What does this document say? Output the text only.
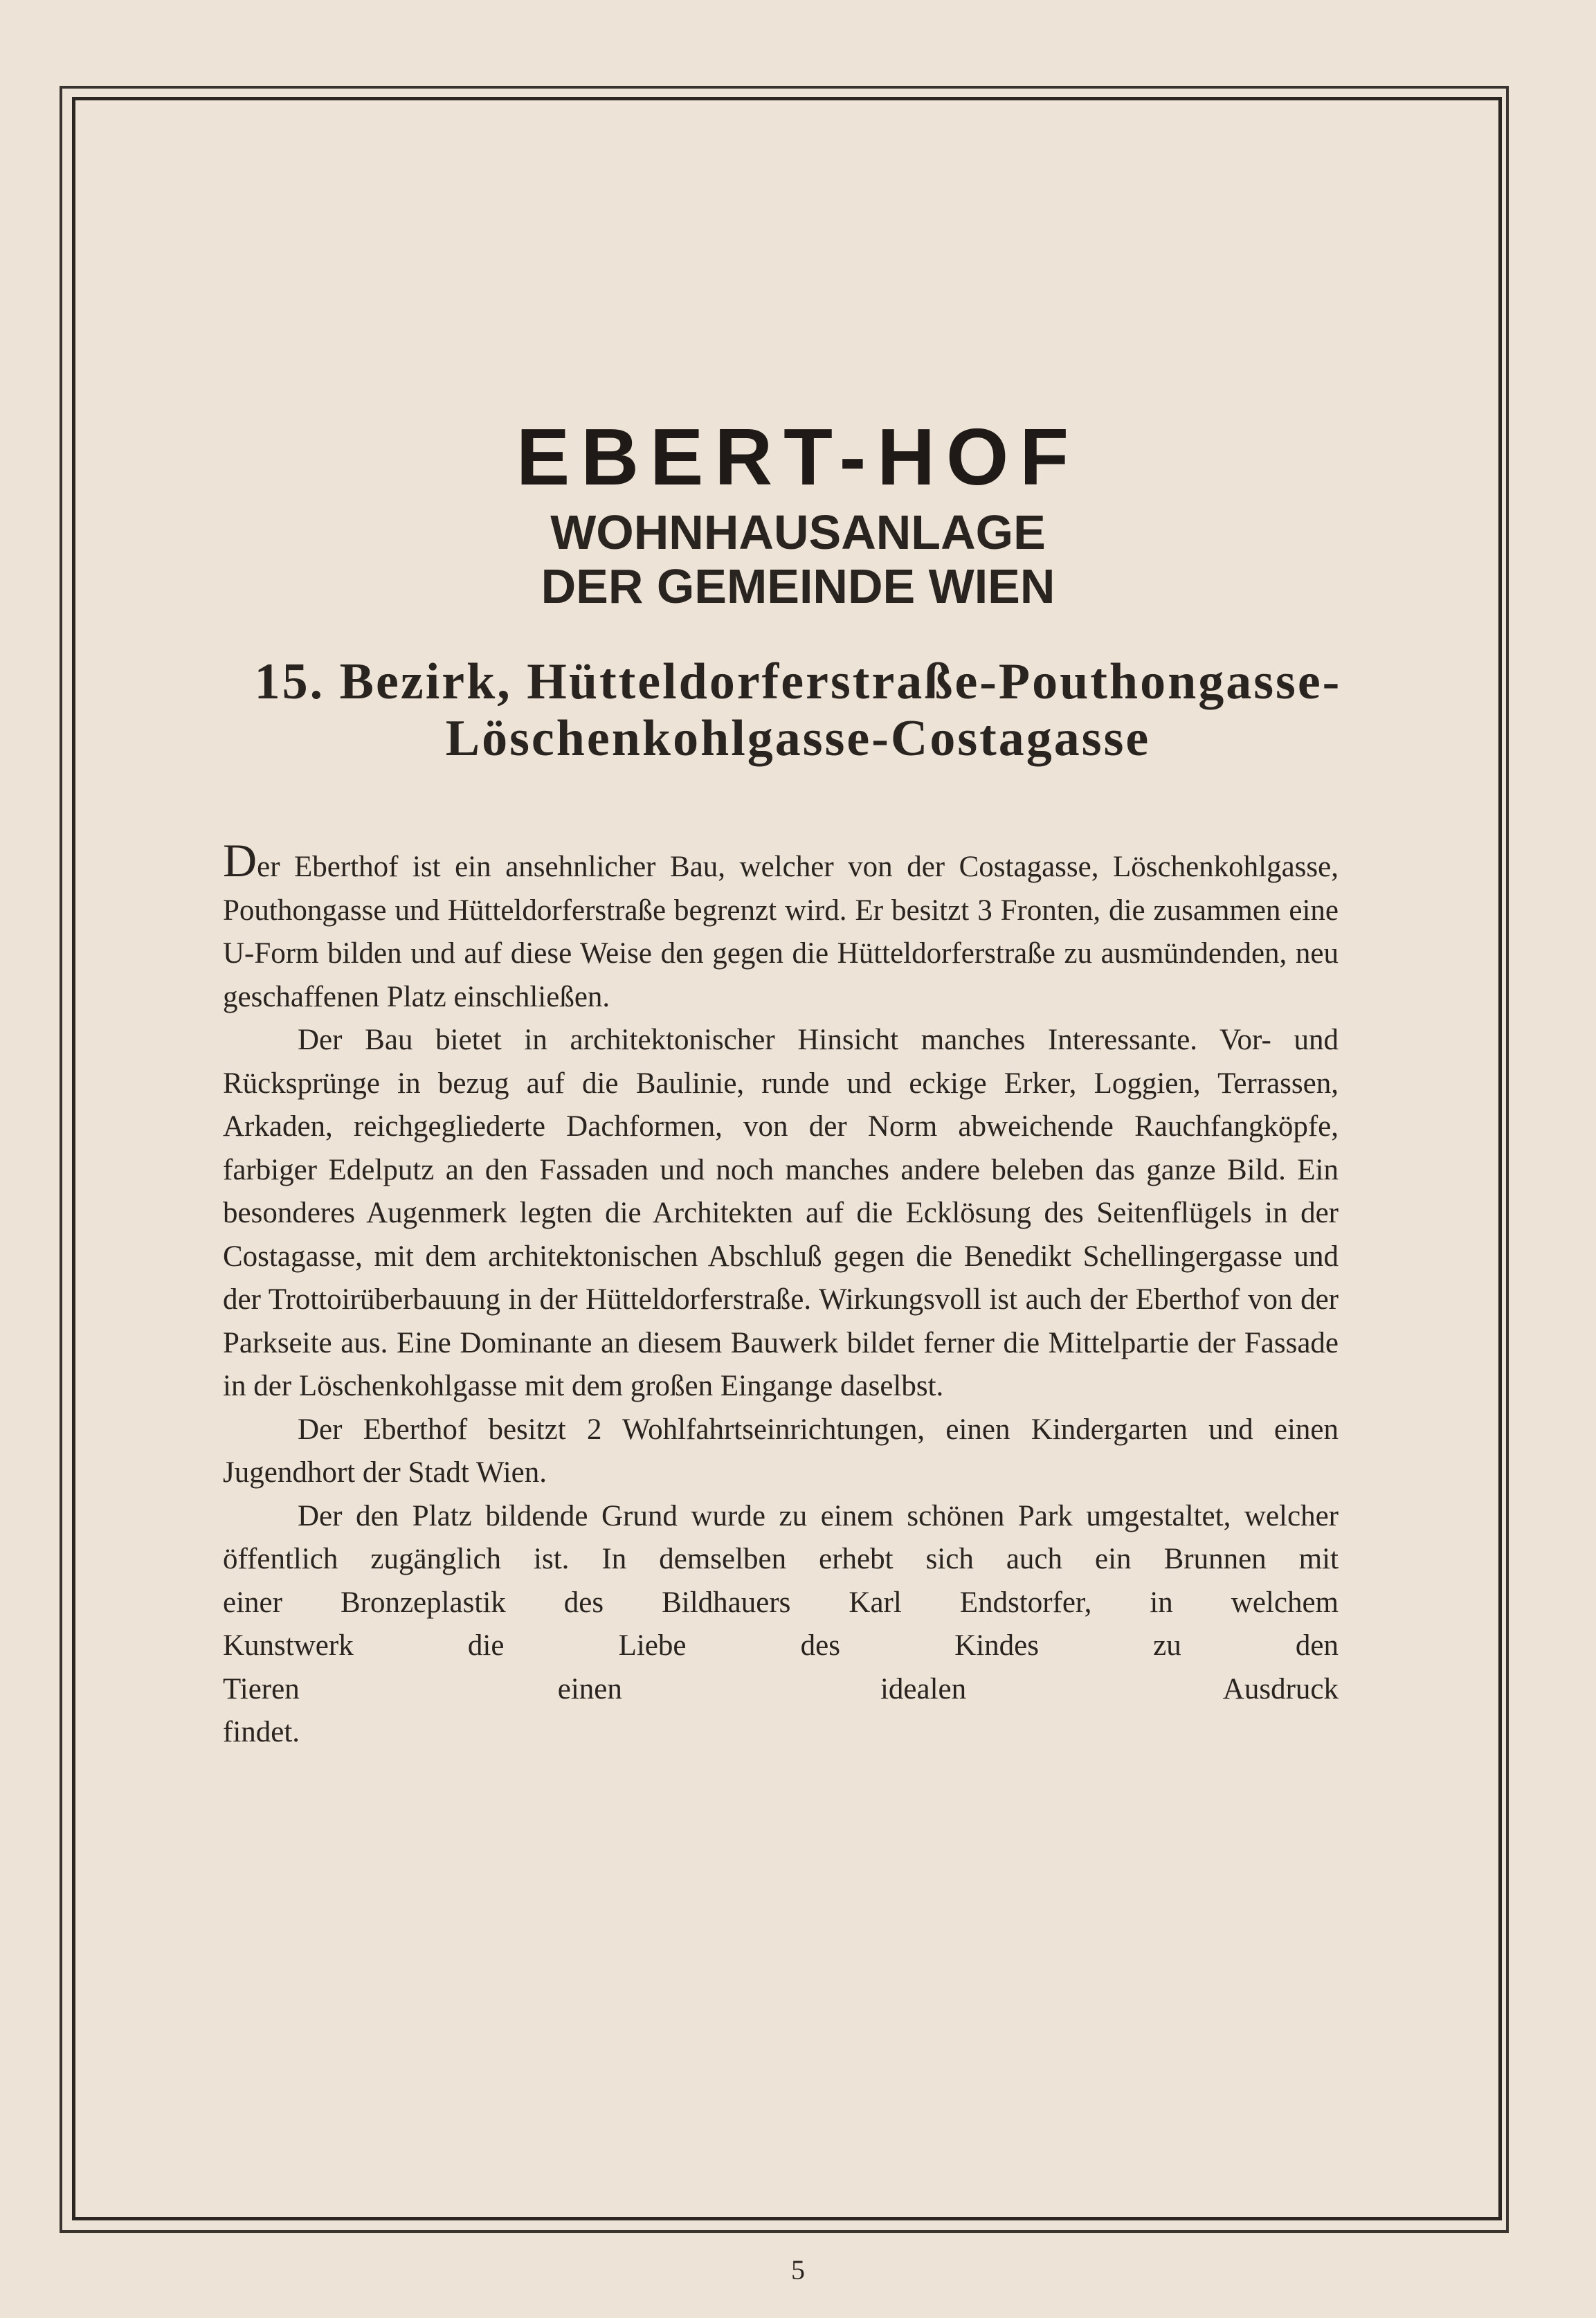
EBERT-HOF
WOHNHAUSANLAGE
DER GEMEINDE WIEN
15. Bezirk, Hütteldorferstraße-Pouthongasse-
Löschenkohlgasse-Costagasse

Der Eberthof ist ein ansehnlicher Bau, welcher von der Costagasse, Löschenkohlgasse, Pouthongasse und Hütteldorferstraße begrenzt wird. Er besitzt 3 Fronten, die zusammen eine U-Form bilden und auf diese Weise den gegen die Hütteldorferstraße zu ausmündenden, neu geschaffenen Platz einschließen.

Der Bau bietet in architektonischer Hinsicht manches Interessante. Vor- und Rücksprünge in bezug auf die Baulinie, runde und eckige Erker, Loggien, Terrassen, Arkaden, reichgegliederte Dachformen, von der Norm abweichende Rauchfangköpfe, farbiger Edelputz an den Fassaden und noch manches andere beleben das ganze Bild. Ein besonderes Augenmerk legten die Architekten auf die Ecklösung des Seitenflügels in der Costagasse, mit dem architektonischen Abschluß gegen die Benedikt Schellingergasse und der Trottoirüberbauung in der Hütteldorferstraße. Wirkungsvoll ist auch der Eberthof von der Parkseite aus. Eine Dominante an diesem Bauwerk bildet ferner die Mittelpartie der Fassade in der Löschenkohlgasse mit dem großen Eingange daselbst.

Der Eberthof besitzt 2 Wohlfahrtseinrichtungen, einen Kindergarten und einen Jugendhort der Stadt Wien.

Der den Platz bildende Grund wurde zu einem schönen Park umgestaltet, welcher öffentlich zugänglich ist. In demselben erhebt sich auch ein Brunnen mit

einer Bronzeplastik des Bildhauers Karl Endstorfer, in welchem

Kunstwerk die Liebe des Kindes zu den

Tieren einen idealen Ausdruck

findet.

5
